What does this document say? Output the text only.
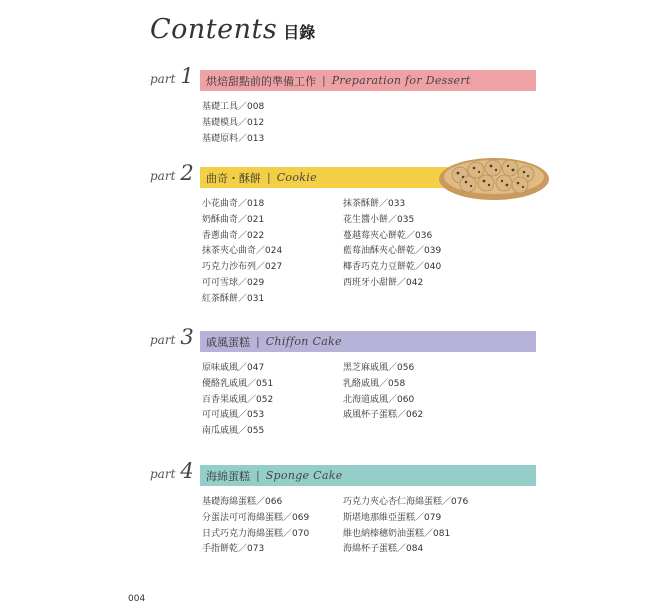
Contents 目錄
part 1 烘焙甜點前的準備工作 | Preparation for Dessert
基礎工具／008
基礎模具／012
基礎原料／013
part 2 曲奇・酥餅 | Cookie
小花曲奇／018
奶酥曲奇／021
香蔥曲奇／022
抹茶夾心曲奇／024
巧克力沙布列／027
可可雪球／029
紅茶酥餅／031
抹茶酥餅／033
花生醬小餅／035
蔓越莓夾心餅乾／036
藍莓油酥夾心餅乾／039
椰香巧克力豆餅乾／040
西班牙小甜餅／042
part 3 戚風蛋糕 | Chiffon Cake
原味戚風／047
優酪乳戚風／051
百香果戚風／052
可可戚風／053
南瓜戚風／055
黑芝麻戚風／056
乳酪戚風／058
北海道戚風／060
戚風杯子蛋糕／062
part 4 海綿蛋糕 | Sponge Cake
基礎海綿蛋糕／066
分蛋法可可海綿蛋糕／069
日式巧克力海綿蛋糕／070
手指餅乾／073
巧克力夾心杏仁海綿蛋糕／076
斯堪地那維亞蛋糕／079
維也納榛穗奶油蛋糕／081
海綿杯子蛋糕／084
004
